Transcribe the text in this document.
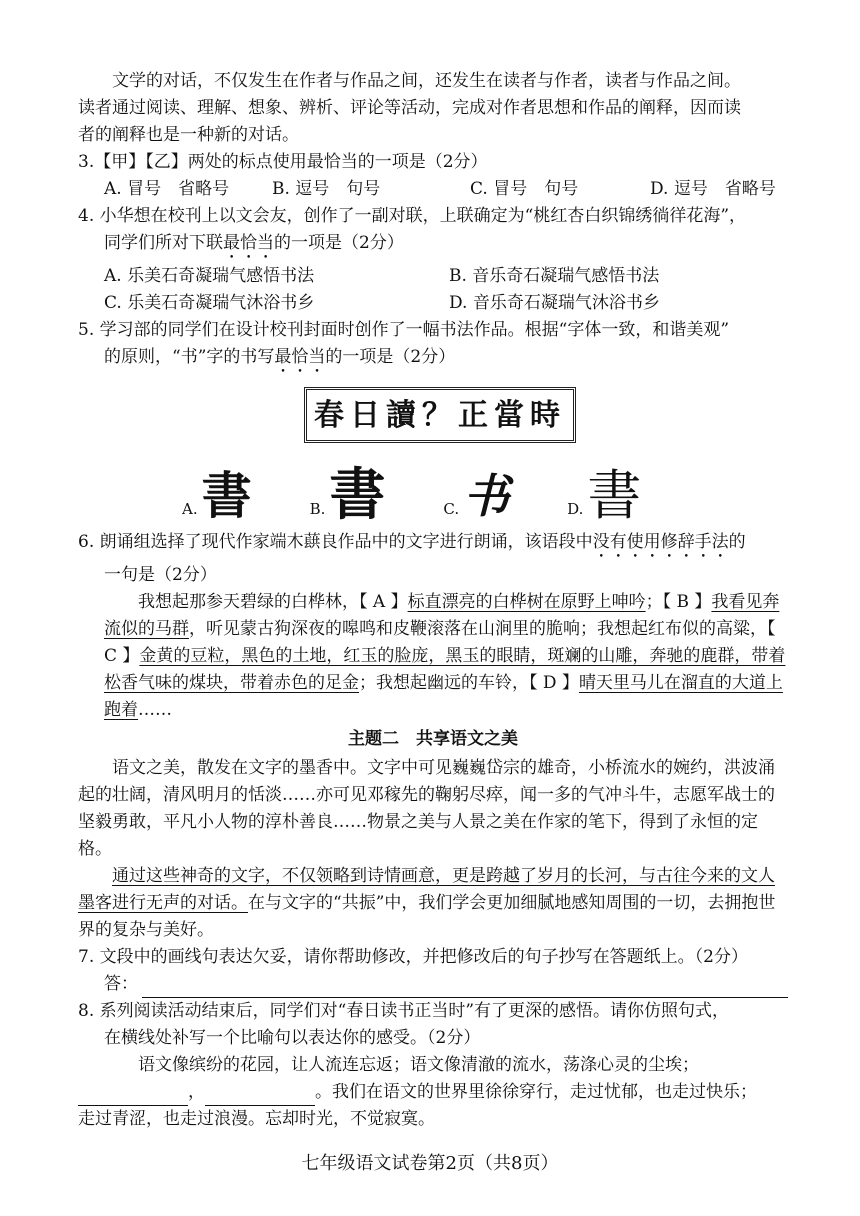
文学的对话，不仅发生在作者与作品之间，还发生在读者与作者，读者与作品之间。

读者通过阅读、理解、想象、辨析、评论等活动，完成对作者思想和作品的阐释，因而读

者的阐释也是一种新的对话。

3.【甲】【乙】两处的标点使用最恰当的一项是（2分）

A. 冒号　省略号	B. 逗号　句号	C. 冒号　句号	D. 逗号　省略号

4. 小华想在校刊上以文会友，创作了一副对联，上联确定为“桃红杏白织锦绣徜徉花海”，

同学们所对下联最恰当的一项是（2分）

A. 乐美石奇凝瑞气感悟书法	B. 音乐奇石凝瑞气感悟书法
C. 乐美石奇凝瑞气沐浴书乡	D. 音乐奇石凝瑞气沐浴书乡

5. 学习部的同学们在设计校刊封面时创作了一幅书法作品。根据“字体一致，和谐美观”

的原则，“书”字的书写最恰当的一项是（2分）

春日讀？正當時
A. 書	B. 書	C. 书	D. 書

6. 朗诵组选择了现代作家端木蕻良作品中的文字进行朗诵，该语段中没有使用修辞手法的

一句是（2分）

我想起那参天碧绿的白桦林，【 A 】标直漂亮的白桦树在原野上呻吟；【 B 】我看见奔流似的马群，听见蒙古狗深夜的嗥鸣和皮鞭滚落在山涧里的脆响；我想起红布似的高粱，【 C 】金黄的豆粒，黑色的土地，红玉的脸庞，黑玉的眼睛，斑斓的山雕，奔驰的鹿群，带着松香气味的煤块，带着赤色的足金；我想起幽远的车铃，【 D 】晴天里马儿在溜直的大道上跑着……

主题二　共享语文之美

语文之美，散发在文字的墨香中。文字中可见巍巍岱宗的雄奇，小桥流水的婉约，洪波涌起的壮阔，清风明月的恬淡……亦可见邓稼先的鞠躬尽瘁，闻一多的气冲斗牛，志愿军战士的坚毅勇敢，平凡小人物的淳朴善良……物景之美与人景之美在作家的笔下，得到了永恒的定格。

通过这些神奇的文字，不仅领略到诗情画意，更是跨越了岁月的长河，与古往今来的文人墨客进行无声的对话。在与文字的“共振”中，我们学会更加细腻地感知周围的一切，去拥抱世界的复杂与美好。

7. 文段中的画线句表达欠妥，请你帮助修改，并把修改后的句子抄写在答题纸上。（2分）

答：

8. 系列阅读活动结束后，同学们对“春日读书正当时”有了更深的感悟。请你仿照句式，

在横线处补写一个比喻句以表达你的感受。（2分）

语文像缤纷的花园，让人流连忘返；语文像清澈的流水，荡涤心灵的尘埃；

，	。我们在语文的世界里徐徐穿行，走过忧郁，也走过快乐；

走过青涩，也走过浪漫。忘却时光，不觉寂寞。

七年级语文试卷第2页（共8页）
